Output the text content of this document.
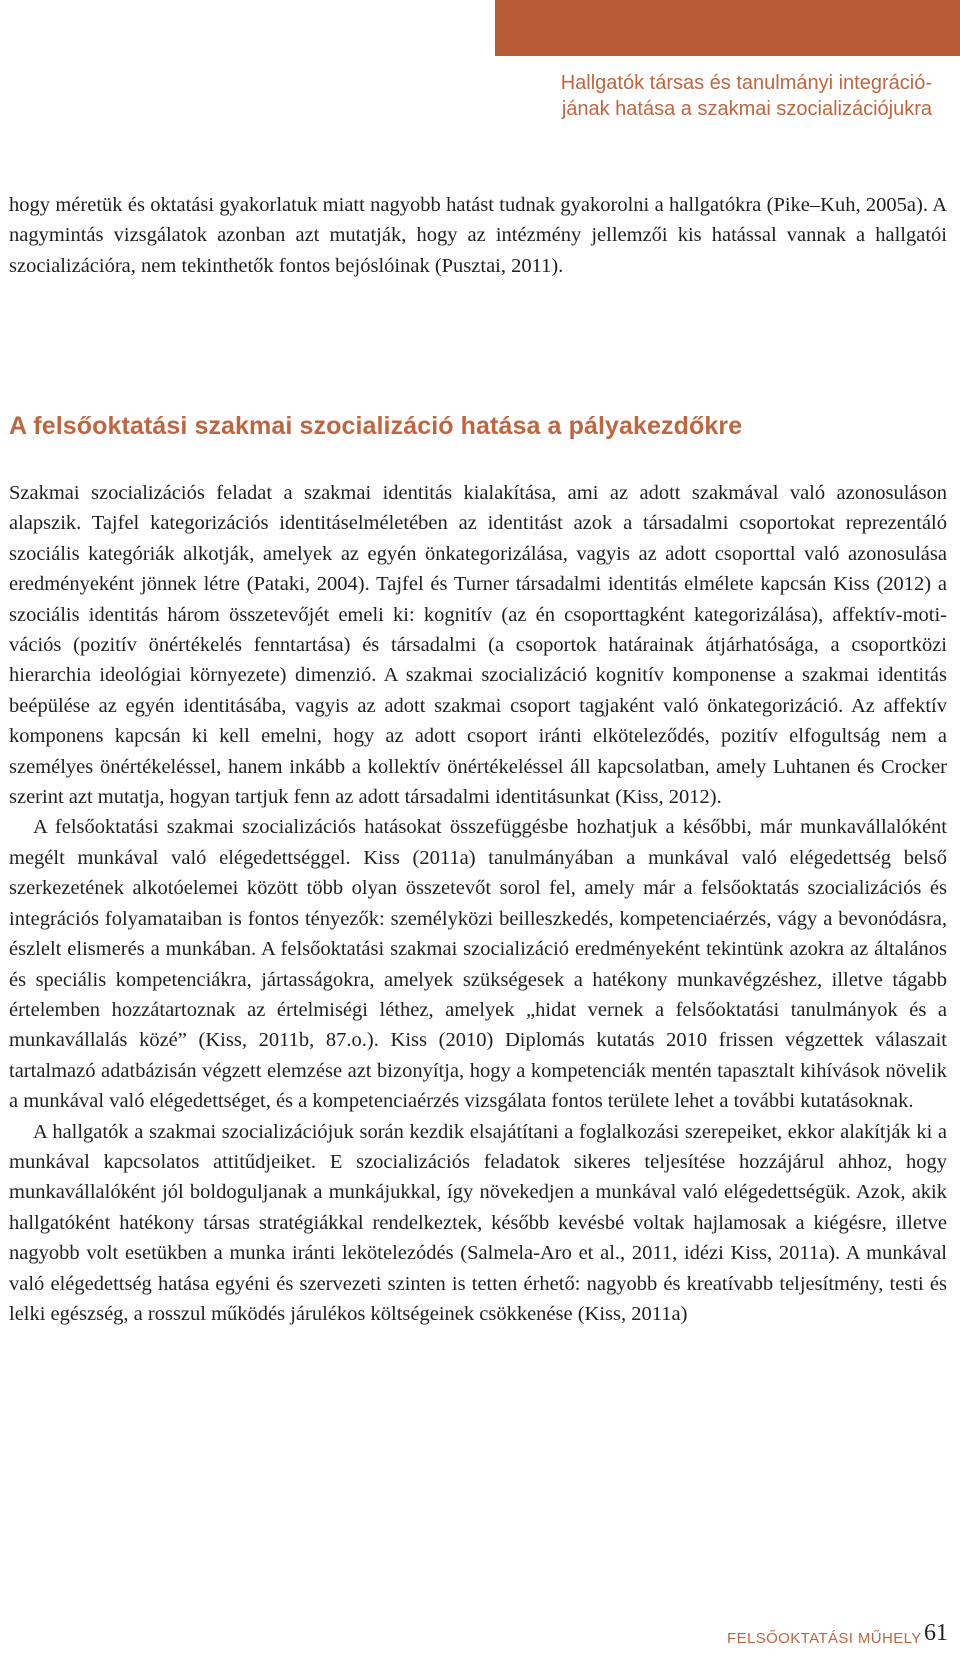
Hallgatók társas és tanulmányi integráció-
jának hatása a szakmai szocializációjukra

hogy méretük és oktatási gyakorlatuk miatt nagyobb hatást tudnak gyakorolni a hallgatókra (Pike–Kuh, 2005a). A nagymintás vizsgálatok azonban azt mutatják, hogy az intézmény jellemzői kis hatással vannak a hallgatói szocializációra, nem tekinthetők fontos bejóslóinak (Pusztai, 2011).

A felsőoktatási szakmai szocializáció hatása a pályakezdőkre

Szakmai szocializációs feladat a szakmai identitás kialakítása, ami az adott szakmával való azonosuláson alapszik. Tajfel kategorizációs identitáselméletében az identitást azok a társadalmi csoportokat reprezentáló szociális kategóriák alkotják, amelyek az egyén önkategorizálása, vagyis az adott csoporttal való azonosulása eredményeként jönnek létre (Pataki, 2004). Tajfel és Turner társadalmi identitás elmélete kapcsán Kiss (2012) a szociális identitás három összetevőjét emeli ki: kognitív (az én csoporttagként kategorizálása), affektív-motivációs (pozitív önértékelés fenntartása) és társadalmi (a csoportok határainak átjárhatósága, a csoportközi hierarchia ideológiai környezete) dimenzió. A szakmai szocializáció kognitív komponense a szakmai identitás beépülése az egyén identitásába, vagyis az adott szakmai csoport tagjaként való önkategorizáció. Az affektív komponens kapcsán ki kell emelni, hogy az adott csoport iránti elköteleződés, pozitív elfogultság nem a személyes önértékeléssel, hanem inkább a kollektív önértékeléssel áll kapcsolatban, amely Luhtanen és Crocker szerint azt mutatja, hogyan tartjuk fenn az adott társadalmi identitásunkat (Kiss, 2012).

A felsőoktatási szakmai szocializációs hatásokat összefüggésbe hozhatjuk a későbbi, már munkavállalóként megélt munkával való elégedettséggel. Kiss (2011a) tanulmányában a munkával való elégedettség belső szerkezetének alkotóelemei között több olyan összetevőt sorol fel, amely már a felsőoktatás szocializációs és integrációs folyamataiban is fontos tényezők: személyközi beilleszkedés, kompetenciaérzés, vágy a bevonódásra, észlelt elismerés a munkában. A felsőoktatási szakmai szocializáció eredményeként tekintünk azokra az általános és speciális kompetenciákra, jártasságokra, amelyek szükségesek a hatékony munkavégzéshez, illetve tágabb értelemben hozzátartoznak az értelmiségi léthez, amelyek „hidat vernek a felsőoktatási tanulmányok és a munkavállalás közé” (Kiss, 2011b, 87.o.). Kiss (2010) Diplomás kutatás 2010 frissen végzettek válaszait tartalmazó adatbázisán végzett elemzése azt bizonyítja, hogy a kompetenciák mentén tapasztalt kihívások növelik a munkával való elégedettséget, és a kompetenciaérzés vizsgálata fontos területe lehet a további kutatásoknak.

A hallgatók a szakmai szocializációjuk során kezdik elsajátítani a foglalkozási szerepeiket, ekkor alakítják ki a munkával kapcsolatos attitűdjeiket. E szocializációs feladatok sikeres teljesítése hozzájárul ahhoz, hogy munkavállalóként jól boldoguljanak a munkájukkal, így növekedjen a munkával való elégedettségük. Azok, akik hallgatóként hatékony társas stratégiákkal rendelkeztek, később kevésbé voltak hajlamosak a kiégésre, illetve nagyobb volt esetükben a munka iránti lekötelezódés (Salmela-Aro et al., 2011, idézi Kiss, 2011a). A munkával való elégedettség hatása egyéni és szervezeti szinten is tetten érhető: nagyobb és kreatívabb teljesítmény, testi és lelki egészség, a rosszul működés járulékos költségeinek csökkenése (Kiss, 2011a)

FELSŐOKTATÁSI MŰHELY 61
